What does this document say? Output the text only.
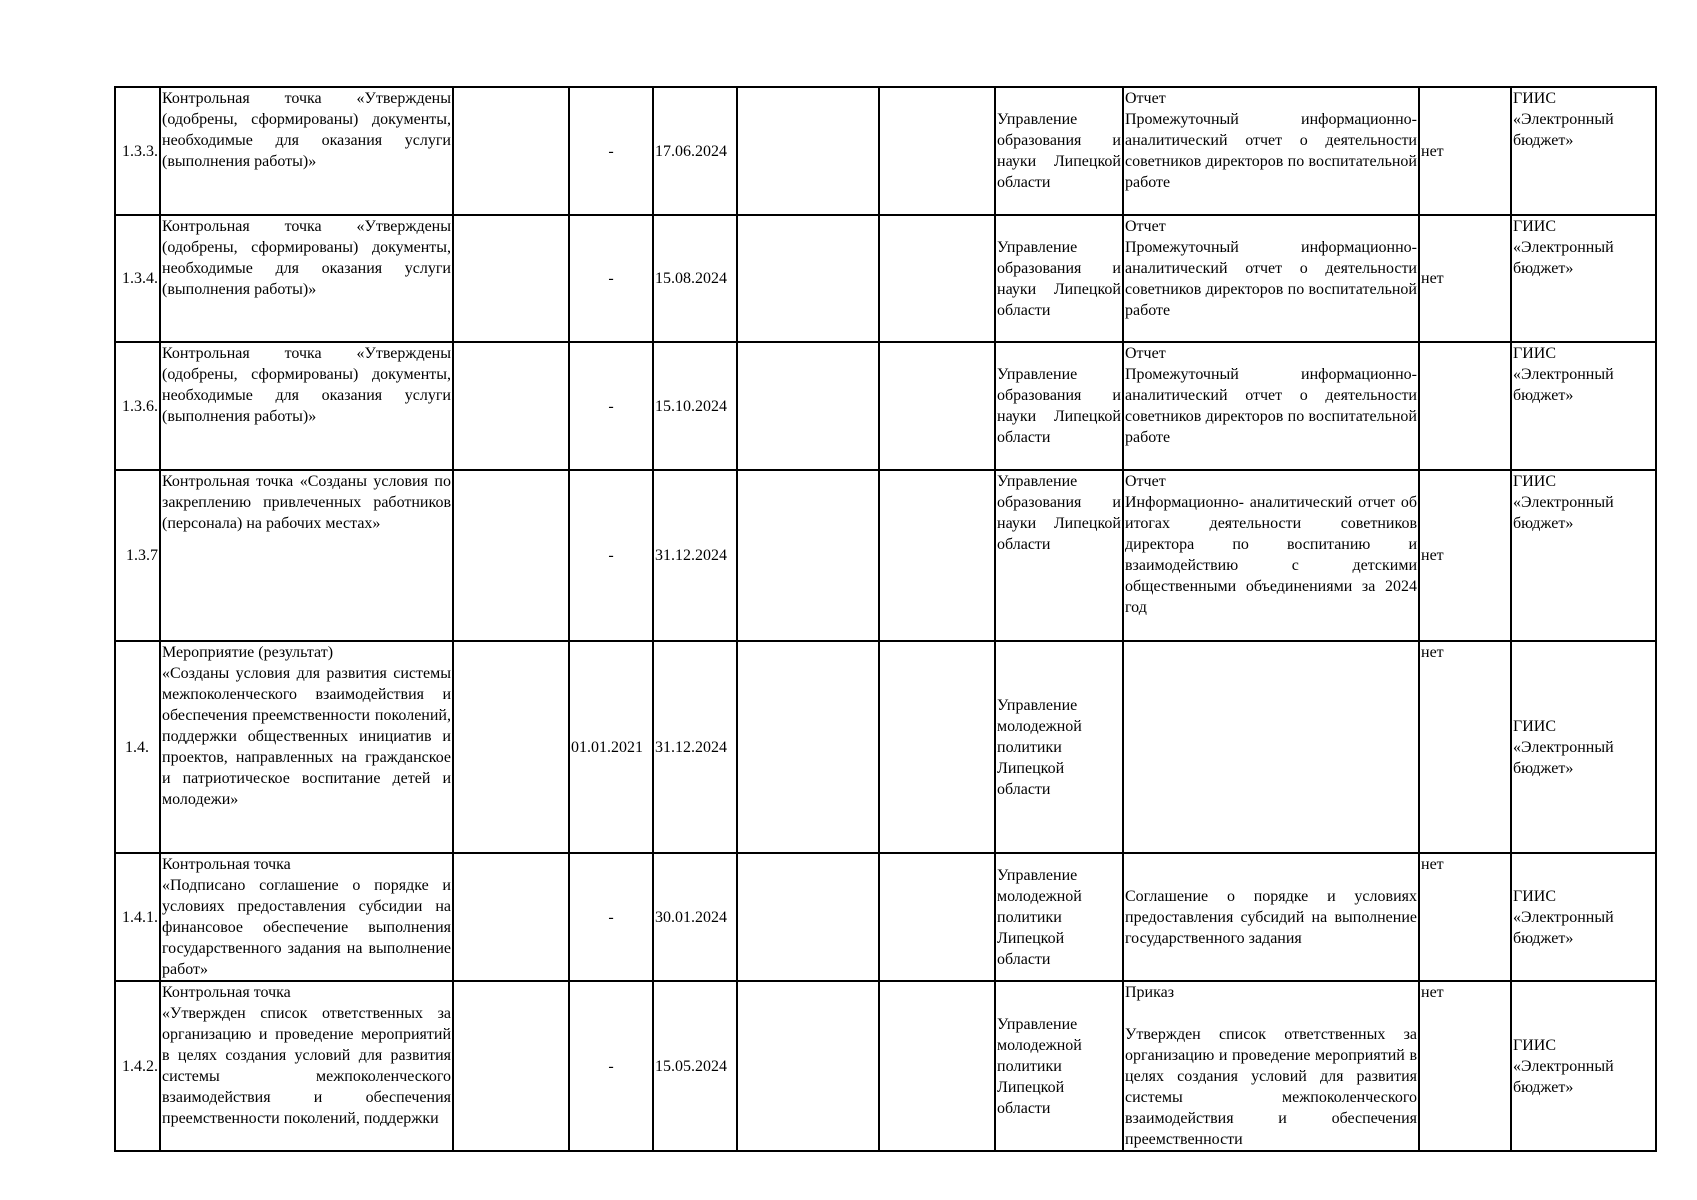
1.3.3.	Контрольная точка «Утверждены (одобрены, сформированы) документы, необходимые для оказания услуги (выполнения работы)»		-	17.06.2024			Управление образования и науки Липецкой области	Отчет
Промежуточный информационно-аналитический отчет о деятельности советников директоров по воспитательной работе	нет	ГИИС «Электронный бюджет»
1.3.4.	Контрольная точка «Утверждены (одобрены, сформированы) документы, необходимые для оказания услуги (выполнения работы)»		-	15.08.2024			Управление образования и науки Липецкой области	Отчет
Промежуточный информационно-аналитический отчет о деятельности советников директоров по воспитательной работе	нет	ГИИС «Электронный бюджет»
1.3.6.	Контрольная точка «Утверждены (одобрены, сформированы) документы, необходимые для оказания услуги (выполнения работы)»		-	15.10.2024			Управление образования и науки Липецкой области	Отчет
Промежуточный информационно-аналитический отчет о деятельности советников директоров по воспитательной работе		ГИИС «Электронный бюджет»
1.3.7	Контрольная точка «Созданы условия по закреплению привлеченных работников (персонала) на рабочих местах»		-	31.12.2024			Управление образования и науки Липецкой области	Отчет
Информационно- аналитический отчет об итогах деятельности советников директора по воспитанию и взаимодействию с детскими общественными объединениями за 2024 год	нет	ГИИС «Электронный бюджет»
1.4.	Мероприятие (результат)
«Созданы условия для развития системы межпоколенческого взаимодействия и обеспечения преемственности поколений, поддержки общественных инициатив и проектов, направленных на гражданское и патриотическое воспитание детей и молодежи»		01.01.2021	31.12.2024			Управление молодежной политики Липецкой области		нет	ГИИС «Электронный бюджет»
1.4.1.	Контрольная точка
«Подписано соглашение о порядке и условиях предоставления субсидии на финансовое обеспечение выполнения государственного задания на выполнение работ»		-	30.01.2024			Управление молодежной политики Липецкой области	Соглашение о порядке и условиях предоставления субсидий на выполнение государственного задания	нет	ГИИС «Электронный бюджет»
1.4.2.	Контрольная точка
«Утвержден список ответственных за организацию и проведение мероприятий в целях создания условий для развития системы межпоколенческого взаимодействия и обеспечения преемственности поколений, поддержки		-	15.05.2024			Управление молодежной политики Липецкой области	Приказ
Утвержден список ответственных за организацию и проведение мероприятий в целях создания условий для развития системы межпоколенческого взаимодействия и обеспечения преемственности	нет	ГИИС «Электронный бюджет»
